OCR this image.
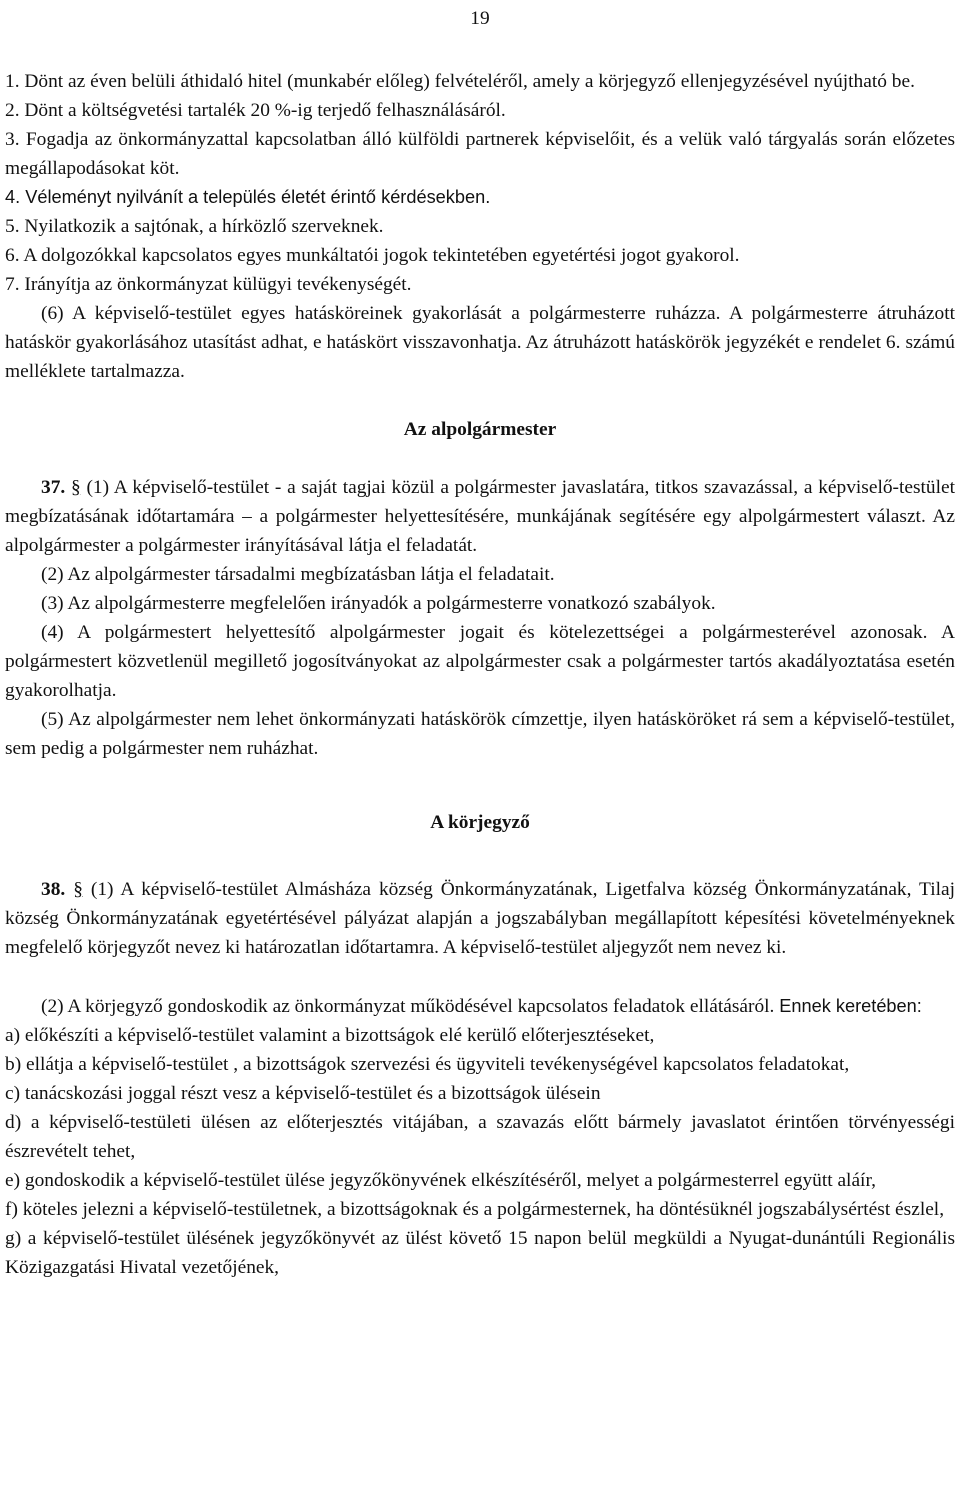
19

1. Dönt az éven belüli áthidaló hitel (munkabér előleg) felvételéről, amely a körjegyző ellenjegyzésével nyújtható be.

2. Dönt a költségvetési tartalék 20 %-ig terjedő felhasználásáról.

3. Fogadja az önkormányzattal kapcsolatban álló külföldi partnerek képviselőit, és a velük való tárgyalás során előzetes megállapodásokat köt.

4. Véleményt nyilvánít a település életét érintő kérdésekben.

5. Nyilatkozik a sajtónak, a hírközlő szerveknek.

6. A dolgozókkal kapcsolatos egyes munkáltatói jogok tekintetében egyetértési jogot gyakorol.

7. Irányítja az önkormányzat külügyi tevékenységét.

(6) A képviselő-testület egyes hatásköreinek gyakorlását a polgármesterre ruházza. A polgármesterre átruházott hatáskör gyakorlásához utasítást adhat, e hatáskört visszavonhatja. Az átruházott hatáskörök jegyzékét e rendelet 6. számú melléklete tartalmazza.

Az alpolgármester

37. § (1) A képviselő-testület - a saját tagjai közül a polgármester javaslatára, titkos szavazással, a képviselő-testület megbízatásának időtartamára – a polgármester helyettesítésére, munkájának segítésére egy alpolgármestert választ. Az alpolgármester a polgármester irányításával látja el feladatát.

(2) Az alpolgármester társadalmi megbízatásban látja el feladatait.

(3) Az alpolgármesterre megfelelően irányadók a polgármesterre vonatkozó szabályok.

(4) A polgármestert helyettesítő alpolgármester jogait és kötelezettségei a polgármesterével azonosak. A polgármestert közvetlenül megillető jogosítványokat az alpolgármester csak a polgármester tartós akadályoztatása esetén gyakorolhatja.

(5) Az alpolgármester nem lehet önkormányzati hatáskörök címzettje, ilyen hatásköröket rá sem a képviselő-testület, sem pedig a polgármester nem ruházhat.

A körjegyző

38. § (1) A képviselő-testület Almásháza község Önkormányzatának, Ligetfalva község Önkormányzatának, Tilaj község Önkormányzatának egyetértésével pályázat alapján a jogszabályban megállapított képesítési követelményeknek megfelelő körjegyzőt nevez ki határozatlan időtartamra. A képviselő-testület aljegyzőt nem nevez ki.

(2) A körjegyző gondoskodik az önkormányzat működésével kapcsolatos feladatok ellátásáról. Ennek keretében:

a) előkészíti a képviselő-testület valamint a bizottságok elé kerülő előterjesztéseket,

b) ellátja a képviselő-testület , a bizottságok szervezési és ügyviteli tevékenységével kapcsolatos feladatokat,

c) tanácskozási joggal részt vesz a képviselő-testület és a bizottságok ülésein

d) a képviselő-testületi ülésen az előterjesztés vitájában, a szavazás előtt bármely javaslatot érintően törvényességi észrevételt tehet,

e) gondoskodik a képviselő-testület ülése jegyzőkönyvének elkészítéséről, melyet a polgármesterrel együtt aláír,

f) köteles jelezni a képviselő-testületnek, a bizottságoknak és a polgármesternek, ha döntésüknél jogszabálysértést észlel,

g) a képviselő-testület ülésének jegyzőkönyvét az ülést követő 15 napon belül megküldi a Nyugat-dunántúli Regionális Közigazgatási Hivatal vezetőjének,
